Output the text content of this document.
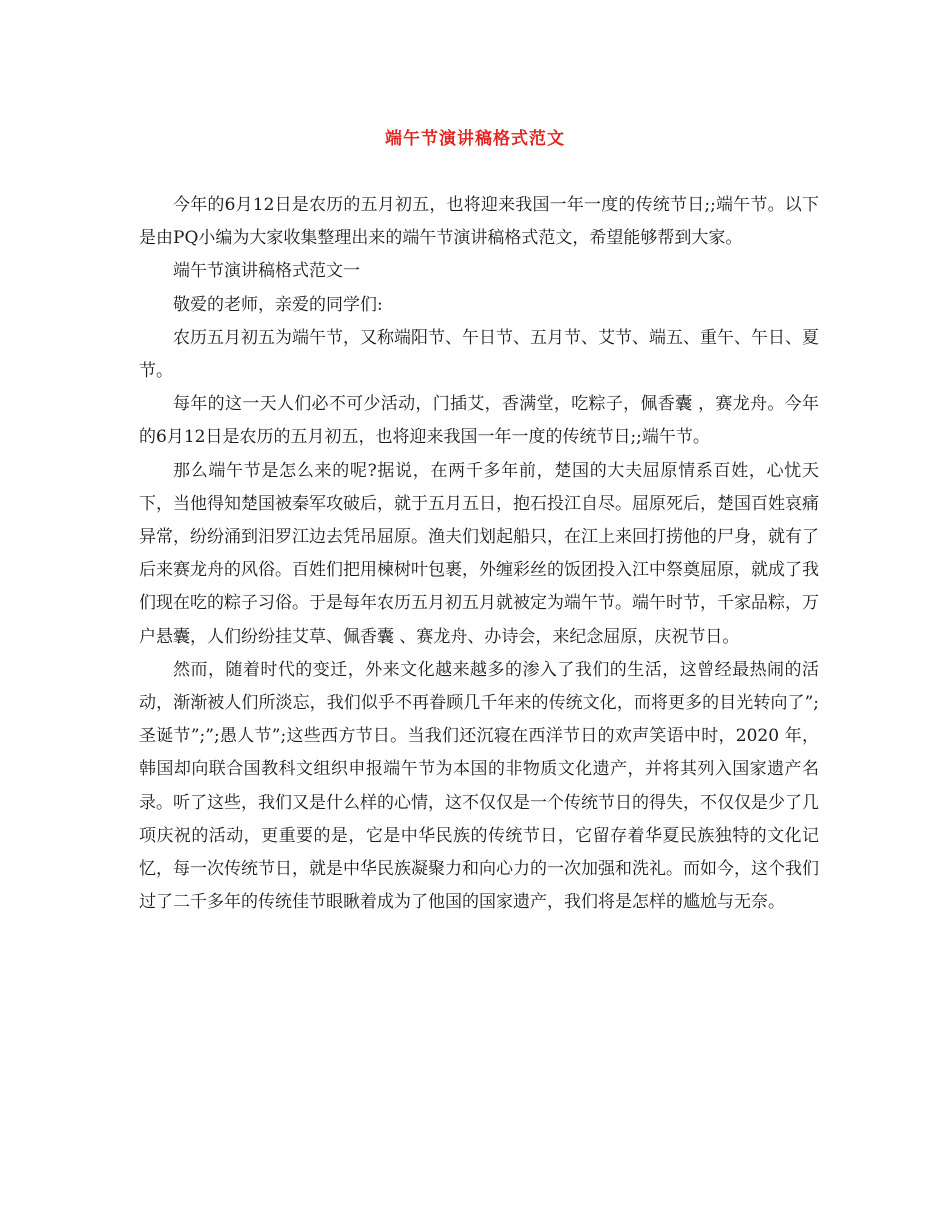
端午节演讲稿格式范文

今年的6月12日是农历的五月初五，也将迎来我国一年一度的传统节日;;端午节。以下是由PQ小编为大家收集整理出来的端午节演讲稿格式范文，希望能够帮到大家。

端午节演讲稿格式范文一

敬爱的老师，亲爱的同学们:

农历五月初五为端午节，又称端阳节、午日节、五月节、艾节、端五、重午、午日、夏节。

每年的这一天人们必不可少活动，门插艾，香满堂，吃粽子，佩香囊 ，赛龙舟。今年的6月12日是农历的五月初五，也将迎来我国一年一度的传统节日;;端午节。

那么端午节是怎么来的呢?据说，在两千多年前，楚国的大夫屈原情系百姓，心忧天下，当他得知楚国被秦军攻破后，就于五月五日，抱石投江自尽。屈原死后，楚国百姓哀痛异常，纷纷涌到汨罗江边去凭吊屈原。渔夫们划起船只，在江上来回打捞他的尸身，就有了后来赛龙舟的风俗。百姓们把用楝树叶包裹，外缠彩丝的饭团投入江中祭奠屈原，就成了我们现在吃的粽子习俗。于是每年农历五月初五月就被定为端午节。端午时节，千家品粽，万户悬囊，人们纷纷挂艾草、佩香囊 、赛龙舟、办诗会，来纪念屈原，庆祝节日。

然而，随着时代的变迁，外来文化越来越多的渗入了我们的生活，这曾经最热闹的活动，渐渐被人们所淡忘，我们似乎不再眷顾几千年来的传统文化，而将更多的目光转向了”;圣诞节”;”;愚人节”;这些西方节日。当我们还沉寝在西洋节日的欢声笑语中时，2020 年，韩国却向联合国教科文组织申报端午节为本国的非物质文化遗产，并将其列入国家遗产名录。听了这些，我们又是什么样的心情，这不仅仅是一个传统节日的得失，不仅仅是少了几项庆祝的活动，更重要的是，它是中华民族的传统节日，它留存着华夏民族独特的文化记忆，每一次传统节日，就是中华民族凝聚力和向心力的一次加强和洗礼。而如今，这个我们过了二千多年的传统佳节眼瞅着成为了他国的国家遗产，我们将是怎样的尴尬与无奈。
